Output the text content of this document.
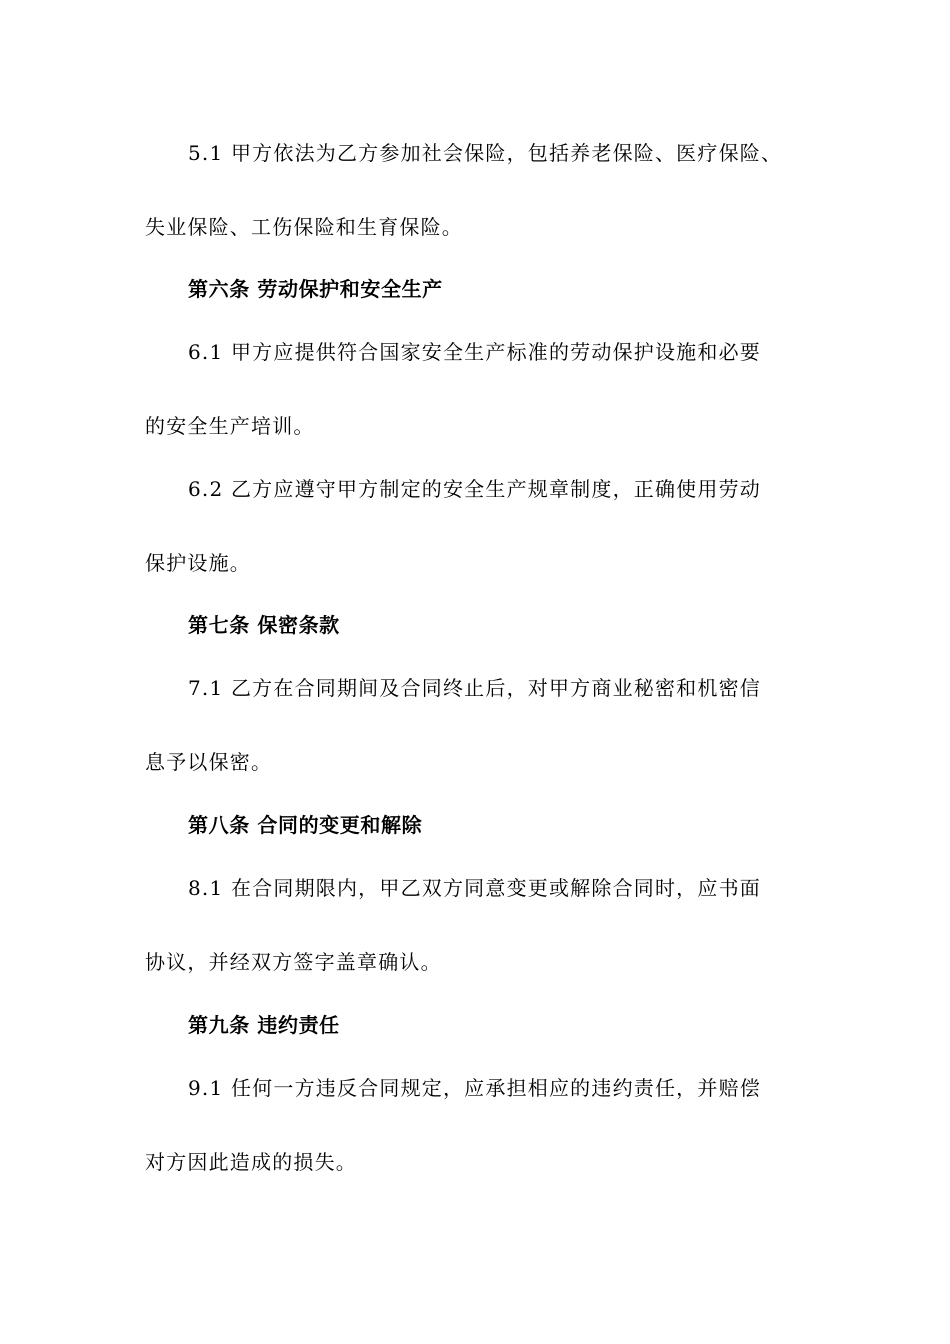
5.1 甲方依法为乙方参加社会保险，包括养老保险、医疗保险、
失业保险、工伤保险和生育保险。
第六条 劳动保护和安全生产
6.1 甲方应提供符合国家安全生产标准的劳动保护设施和必要
的安全生产培训。
6.2 乙方应遵守甲方制定的安全生产规章制度，正确使用劳动
保护设施。
第七条 保密条款
7.1 乙方在合同期间及合同终止后，对甲方商业秘密和机密信
息予以保密。
第八条 合同的变更和解除
8.1 在合同期限内，甲乙双方同意变更或解除合同时，应书面
协议，并经双方签字盖章确认。
第九条 违约责任
9.1 任何一方违反合同规定，应承担相应的违约责任，并赔偿
对方因此造成的损失。
